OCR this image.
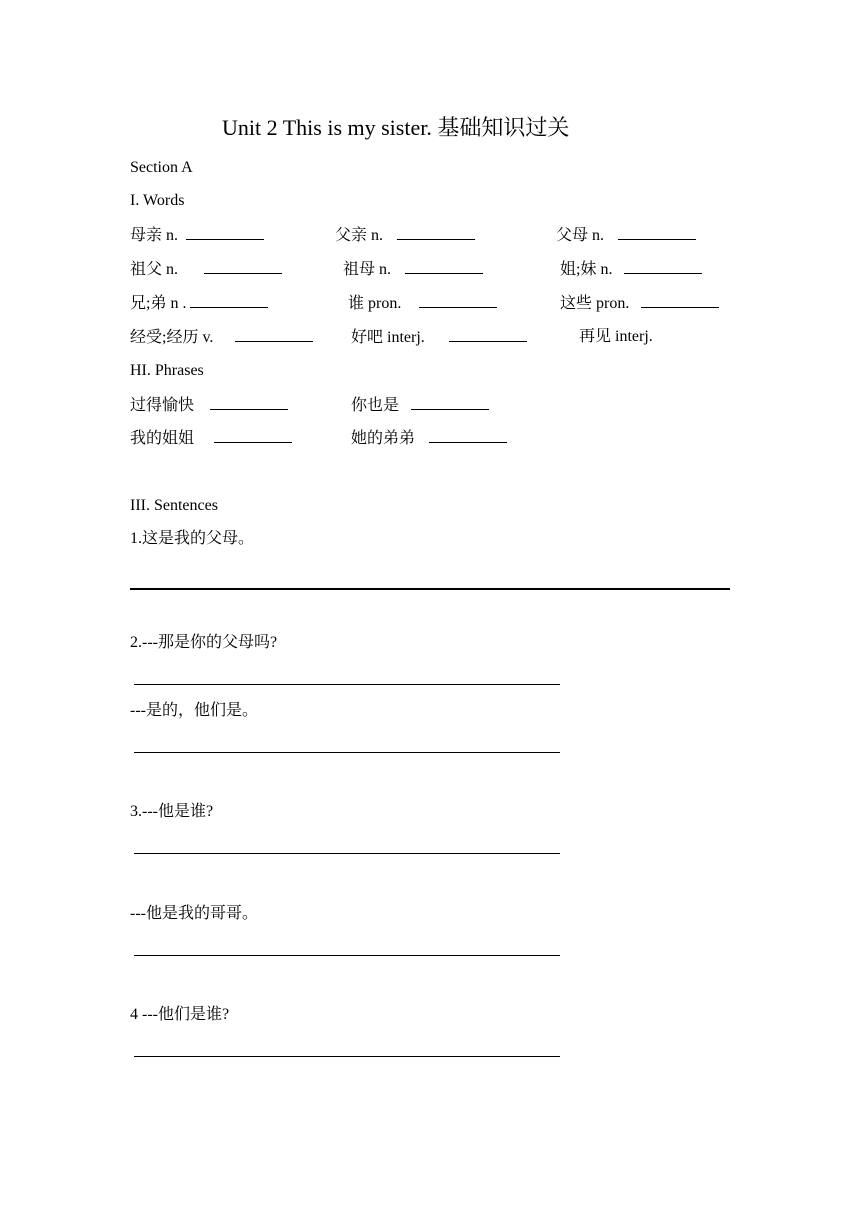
Unit 2 This is my sister. 基础知识过关
Section A
I. Words
母亲 n.	父亲 n.	父母 n.
祖父 n.	祖母 n.	姐;妹 n.
兄;弟 n .	谁 pron.	这些 pron.
经受;经历 v.	好吧 interj.	再见 interj.
HI. Phrases
过得愉快	你也是
我的姐姐	她的弟弟
III. Sentences
1.这是我的父母。
2.---那是你的父母吗?
---是的，他们是。
3.---他是谁?
---他是我的哥哥。
4 ---他们是谁?
